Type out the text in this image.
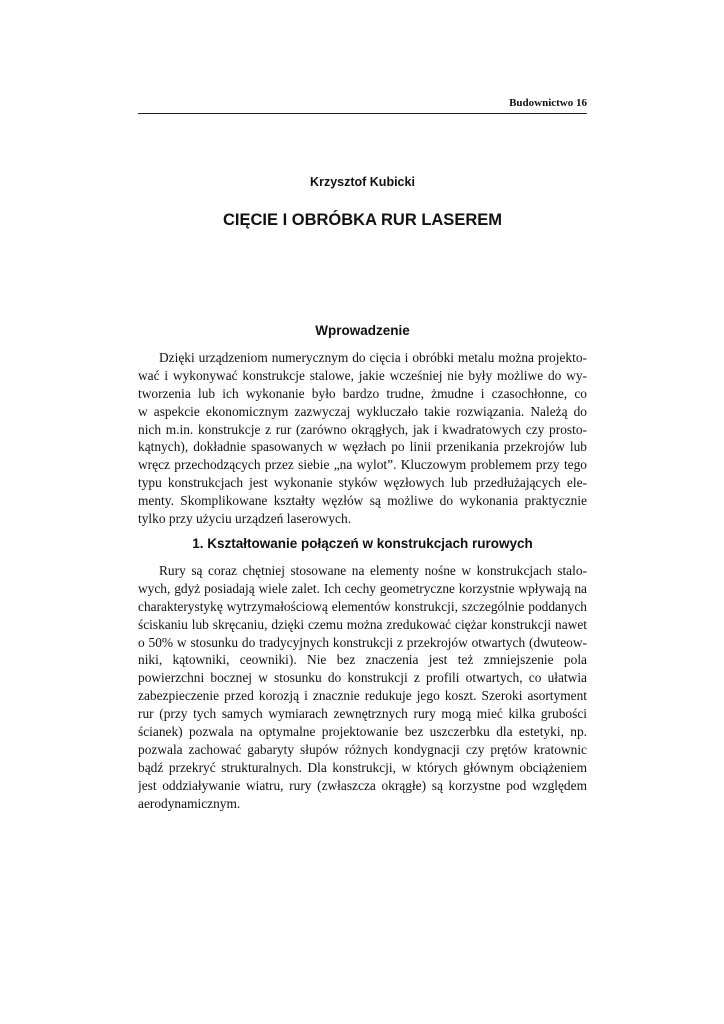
Budownictwo 16
Krzysztof Kubicki
CIĘCIE I OBRÓBKA RUR LASEREM
Wprowadzenie
Dzięki urządzeniom numerycznym do cięcia i obróbki metalu można projekto-
wać i wykonywać konstrukcje stalowe, jakie wcześniej nie były możliwe do wy-
tworzenia lub ich wykonanie było bardzo trudne, żmudne i czasochłonne, co
w aspekcie ekonomicznym zazwyczaj wykluczało takie rozwiązania. Należą do
nich m.in. konstrukcje z rur (zarówno okrągłych, jak i kwadratowych czy prosto-
kątnych), dokładnie spasowanych w węzłach po linii przenikania przekrojów lub
wręcz przechodzących przez siebie „na wylot”. Kluczowym problemem przy tego
typu konstrukcjach jest wykonanie styków węzłowych lub przedłużających ele-
menty. Skomplikowane kształty węzłów są możliwe do wykonania praktycznie
tylko przy użyciu urządzeń laserowych.
1. Kształtowanie połączeń w konstrukcjach rurowych
Rury są coraz chętniej stosowane na elementy nośne w konstrukcjach stalo-
wych, gdyż posiadają wiele zalet. Ich cechy geometryczne korzystnie wpływają na
charakterystykę wytrzymałościową elementów konstrukcji, szczególnie poddanych
ściskaniu lub skręcaniu, dzięki czemu można zredukować ciężar konstrukcji nawet
o 50% w stosunku do tradycyjnych konstrukcji z przekrojów otwartych (dwuteow-
niki, kątowniki, ceowniki). Nie bez znaczenia jest też zmniejszenie pola
powierzchni bocznej w stosunku do konstrukcji z profili otwartych, co ułatwia
zabezpieczenie przed korozją i znacznie redukuje jego koszt. Szeroki asortyment
rur (przy tych samych wymiarach zewnętrznych rury mogą mieć kilka grubości
ścianek) pozwala na optymalne projektowanie bez uszczerbku dla estetyki, np.
pozwala zachować gabaryty słupów różnych kondygnacji czy prętów kratownic
bądź przekryć strukturalnych. Dla konstrukcji, w których głównym obciążeniem
jest oddziaływanie wiatru, rury (zwłaszcza okrągłe) są korzystne pod względem
aerodynamicznym.
